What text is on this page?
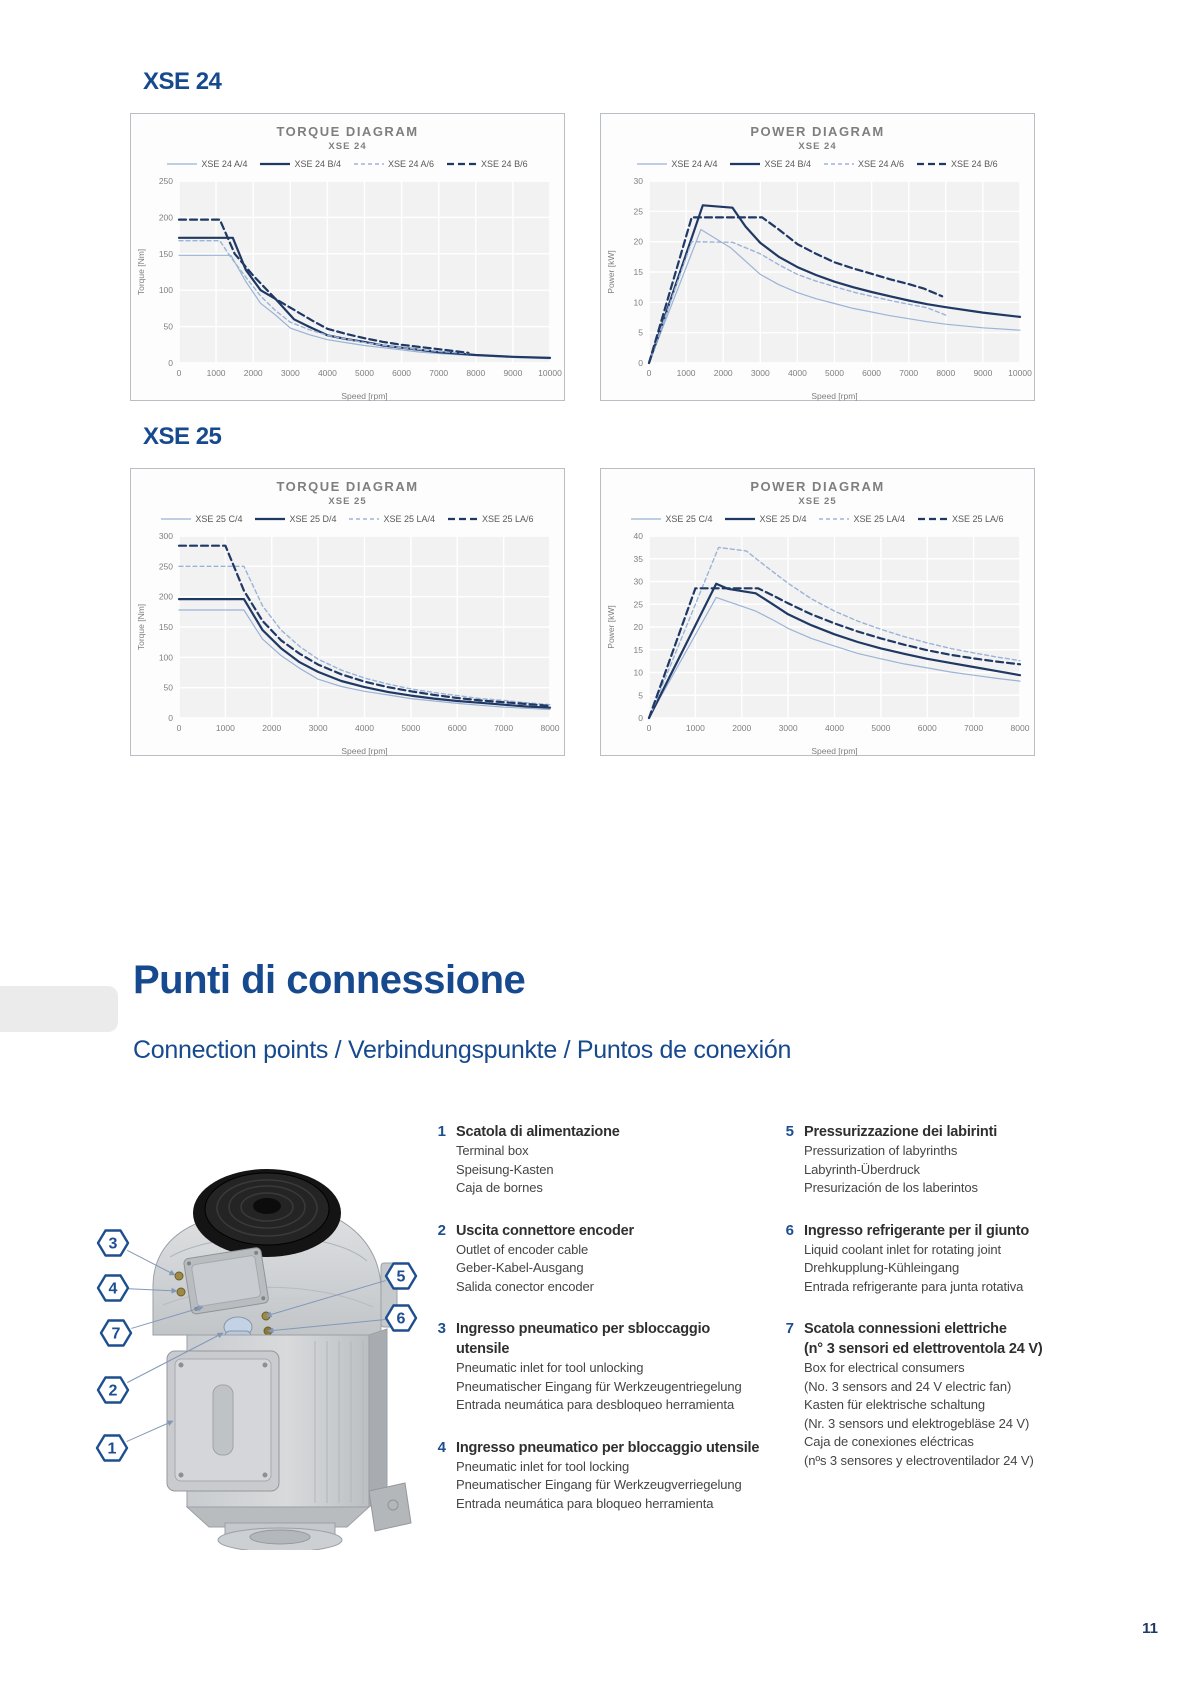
XSE 24
TORQUE DIAGRAM
XSE 24
XSE 24 A/4	XSE 24 B/4	XSE 24 A/6	XSE 24 B/6
0	1000 2000 3000 4000 5000 6000 7000 8000 9000 10000
0
50
100
150
200
250
Speed [rpm]
Torque [Nm]
POWER DIAGRAM
XSE 24
XSE 24 A/4	XSE 24 B/4	XSE 24 A/6	XSE 24 B/6
0	1000 2000 3000 4000 5000 6000 7000 8000 9000 10000
0
5
10
15
20
25
30
Speed [rpm]
Power [kW]
XSE 25
TORQUE DIAGRAM
XSE 25
XSE 25 C/4	XSE 25 D/4	XSE 25 LA/4	XSE 25 LA/6
0	1000	2000	3000	4000	5000	6000	7000	8000
0
50
100
150
200
250
300
Speed [rpm]
Torque [Nm]
POWER DIAGRAM
XSE 25
XSE 25 C/4	XSE 25 D/4	XSE 25 LA/4	XSE 25 LA/6
0	1000	2000	3000	4000	5000	6000	7000	8000
0
5
10
15
20
25
30
35
40
Speed [rpm]
Power [kW]
Punti di connessione
Connection points / Verbindungspunkte / Puntos de conexión
3
4
7
2
1
5
6
1 Scatola di alimentazione
Terminal box
Speisung-Kasten
Caja de bornes
2 Uscita connettore encoder
Outlet of encoder cable
Geber-Kabel-Ausgang
Salida conector encoder
3 Ingresso pneumatico per sbloccaggio utensile
Pneumatic inlet for tool unlocking
Pneumatischer Eingang für Werkzeugentriegelung
Entrada neumática para desbloqueo herramienta
4 Ingresso pneumatico per bloccaggio utensile
Pneumatic inlet for tool locking
Pneumatischer Eingang für Werkzeugverriegelung
Entrada neumática para bloqueo herramienta
5 Pressurizzazione dei labirinti
Pressurization of labyrinths
Labyrinth-Überdruck
Presurización de los laberintos
6 Ingresso refrigerante per il giunto
Liquid coolant inlet for rotating joint
Drehkupplung-Kühleingang
Entrada refrigerante para junta rotativa
7 Scatola connessioni elettriche
(n° 3 sensori ed elettroventola 24 V)
Box for electrical consumers
(No. 3 sensors and 24 V electric fan)
Kasten für elektrische schaltung
(Nr. 3 sensors und elektrogebläse 24 V)
Caja de conexiones eléctricas
(nºs 3 sensores y electroventilador 24 V)
11
